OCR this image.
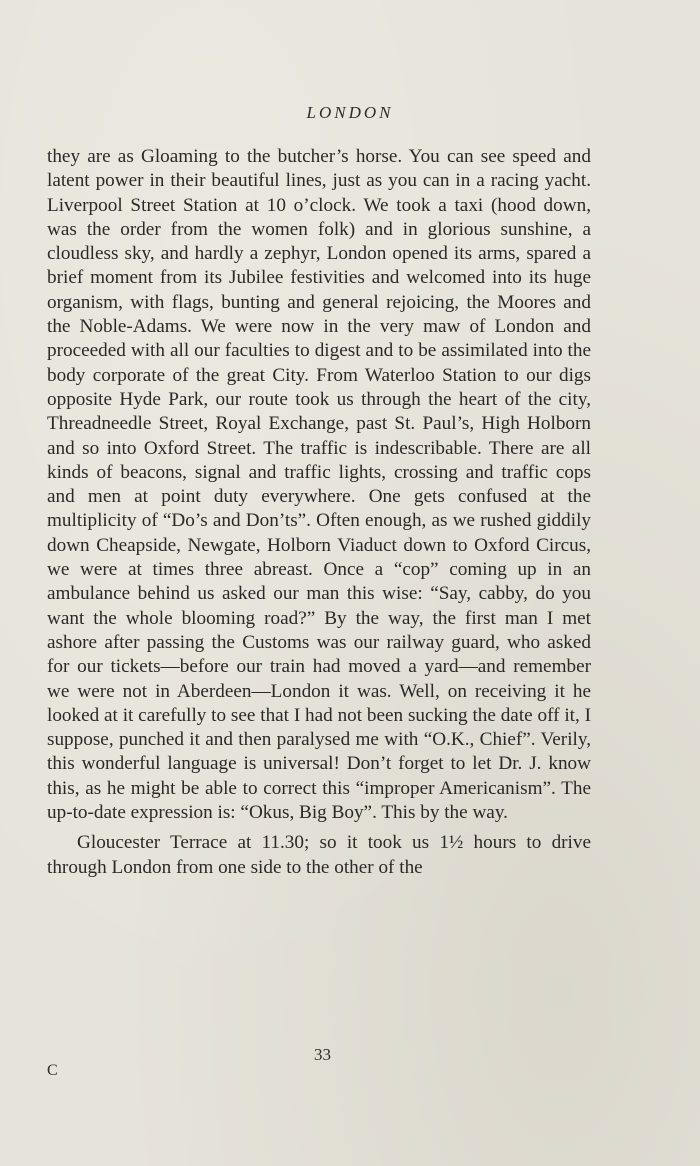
LONDON

they are as Gloaming to the butcher’s horse. You can see speed and latent power in their beautiful lines, just as you can in a racing yacht. Liverpool Street Station at 10 o’clock. We took a taxi (hood down, was the order from the women folk) and in glorious sunshine, a cloudless sky, and hardly a zephyr, London opened its arms, spared a brief moment from its Jubilee festivities and welcomed into its huge organism, with flags, bunting and general rejoicing, the Moores and the Noble-Adams. We were now in the very maw of London and proceeded with all our faculties to digest and to be assimilated into the body corporate of the great City. From Waterloo Station to our digs opposite Hyde Park, our route took us through the heart of the city, Threadneedle Street, Royal Exchange, past St. Paul’s, High Holborn and so into Oxford Street. The traffic is indescribable. There are all kinds of beacons, signal and traffic lights, crossing and traffic cops and men at point duty everywhere. One gets confused at the multiplicity of “Do’s and Don’ts”. Often enough, as we rushed giddily down Cheapside, Newgate, Holborn Viaduct down to Oxford Circus, we were at times three abreast. Once a “cop” coming up in an ambulance behind us asked our man this wise: “Say, cabby, do you want the whole blooming road?” By the way, the first man I met ashore after passing the Customs was our railway guard, who asked for our tickets—before our train had moved a yard—and remember we were not in Aberdeen—London it was. Well, on receiving it he looked at it carefully to see that I had not been sucking the date off it, I suppose, punched it and then paralysed me with “O.K., Chief”. Verily, this wonderful language is universal! Don’t forget to let Dr. J. know this, as he might be able to correct this “improper Americanism”. The up-to-date expression is: “Okus, Big Boy”. This by the way.

Gloucester Terrace at 11.30; so it took us 1½ hours to drive through London from one side to the other of the

33
C
